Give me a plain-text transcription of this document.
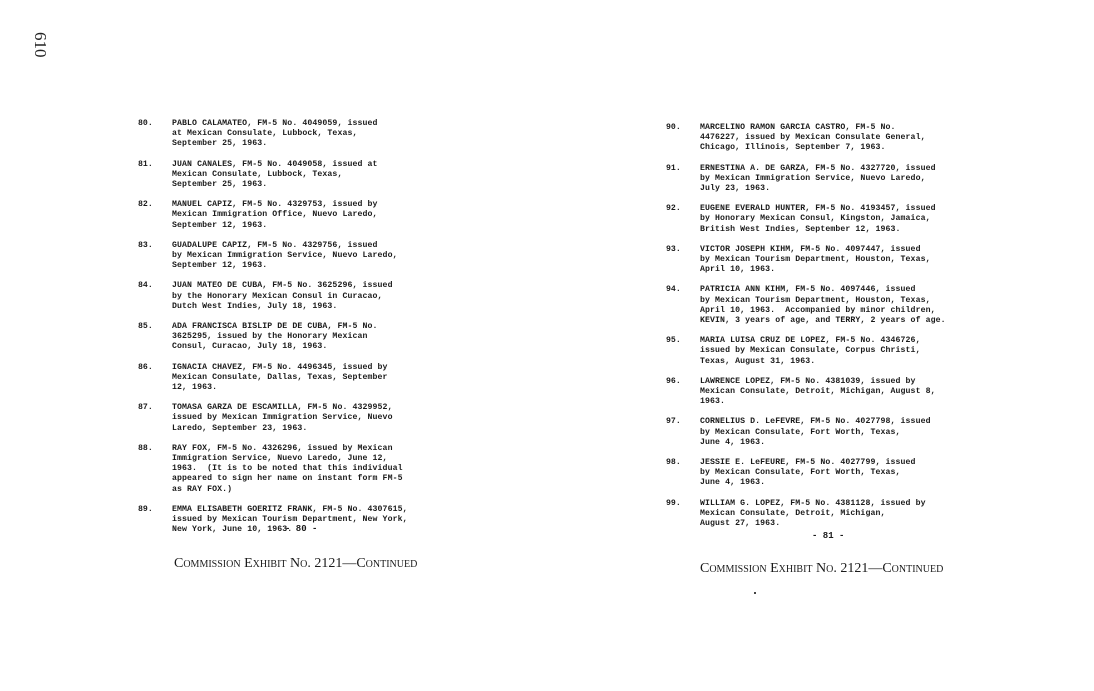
610
80.	PABLO CALAMATEO, FM-5 No. 4049059, issued
at Mexican Consulate, Lubbock, Texas,
September 25, 1963.
81.	JUAN CANALES, FM-5 No. 4049058, issued at
Mexican Consulate, Lubbock, Texas,
September 25, 1963.
82.	MANUEL CAPIZ, FM-5 No. 4329753, issued by
Mexican Immigration Office, Nuevo Laredo,
September 12, 1963.
83.	GUADALUPE CAPIZ, FM-5 No. 4329756, issued
by Mexican Immigration Service, Nuevo Laredo,
September 12, 1963.
84.	JUAN MATEO DE CUBA, FM-5 No. 3625296, issued
by the Honorary Mexican Consul in Curacao,
Dutch West Indies, July 18, 1963.
85.	ADA FRANCISCA BISLIP DE DE CUBA, FM-5 No.
3625295, issued by the Honorary Mexican
Consul, Curacao, July 18, 1963.
86.	IGNACIA CHAVEZ, FM-5 No. 4496345, issued by
Mexican Consulate, Dallas, Texas, September
12, 1963.
87.	TOMASA GARZA DE ESCAMILLA, FM-5 No. 4329952,
issued by Mexican Immigration Service, Nuevo
Laredo, September 23, 1963.
88.	RAY FOX, FM-5 No. 4326296, issued by Mexican
Immigration Service, Nuevo Laredo, June 12,
1963.  (It is to be noted that this individual
appeared to sign her name on instant form FM-5
as RAY FOX.)
89.	EMMA ELISABETH GOERITZ FRANK, FM-5 No. 4307615,
issued by Mexican Tourism Department, New York,
New York, June 10, 1963.
90.	MARCELINO RAMON GARCIA CASTRO, FM-5 No.
4476227, issued by Mexican Consulate General,
Chicago, Illinois, September 7, 1963.
91.	ERNESTINA A. DE GARZA, FM-5 No. 4327720, issued
by Mexican Immigration Service, Nuevo Laredo,
July 23, 1963.
92.	EUGENE EVERALD HUNTER, FM-5 No. 4193457, issued
by Honorary Mexican Consul, Kingston, Jamaica,
British West Indies, September 12, 1963.
93.	VICTOR JOSEPH KIHM, FM-5 No. 4097447, issued
by Mexican Tourism Department, Houston, Texas,
April 10, 1963.
94.	PATRICIA ANN KIHM, FM-5 No. 4097446, issued
by Mexican Tourism Department, Houston, Texas,
April 10, 1963.  Accompanied by minor children,
KEVIN, 3 years of age, and TERRY, 2 years of age.
95.	MARIA LUISA CRUZ DE LOPEZ, FM-5 No. 4346726,
issued by Mexican Consulate, Corpus Christi,
Texas, August 31, 1963.
96.	LAWRENCE LOPEZ, FM-5 No. 4381039, issued by
Mexican Consulate, Detroit, Michigan, August 8,
1963.
97.	CORNELIUS D. LeFEVRE, FM-5 No. 4027798, issued
by Mexican Consulate, Fort Worth, Texas,
June 4, 1963.
98.	JESSIE E. LeFEURE, FM-5 No. 4027799, issued
by Mexican Consulate, Fort Worth, Texas,
June 4, 1963.
99.	WILLIAM G. LOPEZ, FM-5 No. 4381128, issued by
Mexican Consulate, Detroit, Michigan,
August 27, 1963.
- 80 -
- 81 -
Commission Exhibit No. 2121—Continued	Commission Exhibit No. 2121—Continued
